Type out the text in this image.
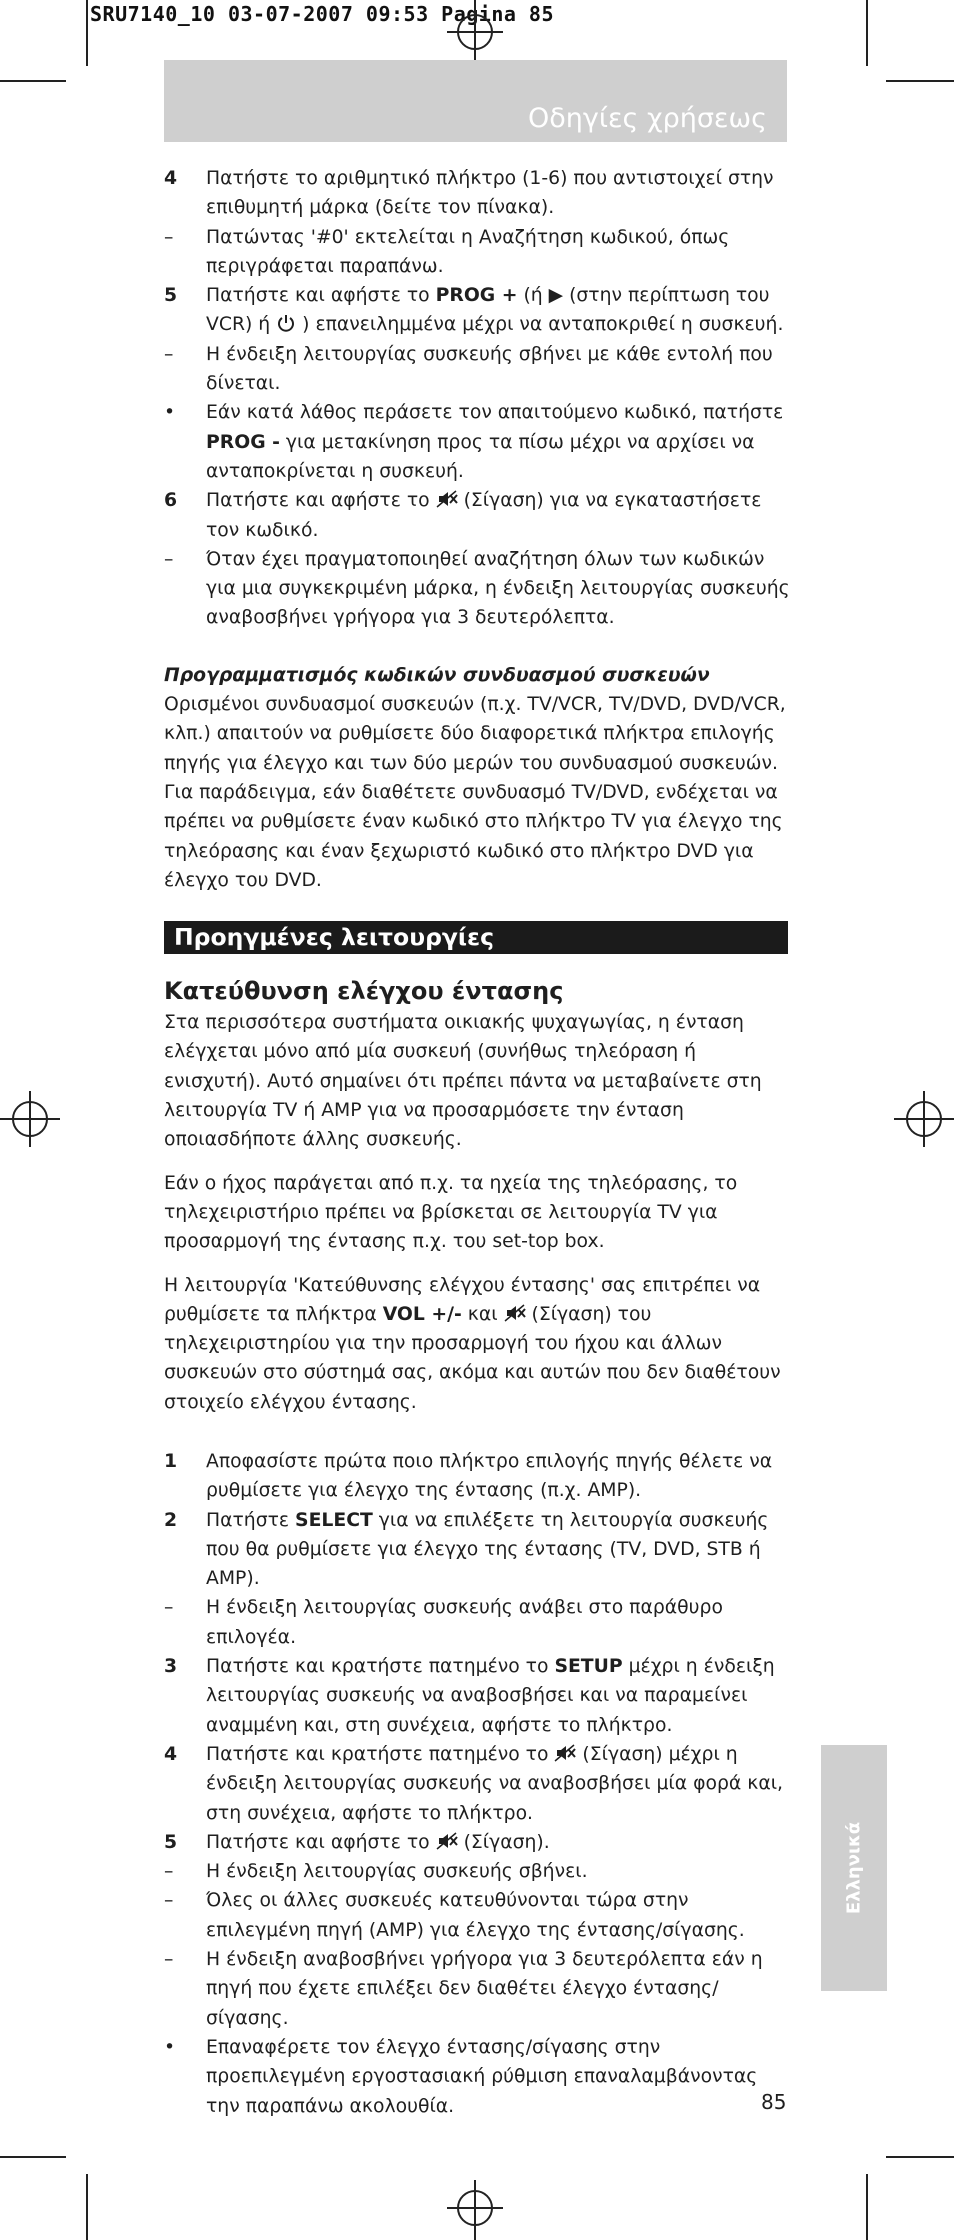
SRU7140_10 03-07-2007 09:53 Pagina 85
Οδηγίες χρήσεως
4	Πατήστε το αριθμητικό πλήκτρο (1-6) που αντιστοιχεί στην επιθυμητή μάρκα (δείτε τον πίνακα).
–	Πατώντας '#0' εκτελείται η Αναζήτηση κωδικού, όπως περιγράφεται παραπάνω.
5	Πατήστε και αφήστε το PROG + (ή ▶ (στην περίπτωση του VCR) ή  ) επανειλημμένα μέχρι να ανταποκριθεί η συσκευή.
–	Η ένδειξη λειτουργίας συσκευής σβήνει με κάθε εντολή που δίνεται.
•	Εάν κατά λάθος περάσετε τον απαιτούμενο κωδικό, πατήστε PROG - για μετακίνηση προς τα πίσω μέχρι να αρχίσει να ανταποκρίνεται η συσκευή.
6	Πατήστε και αφήστε το  (Σίγαση) για να εγκαταστήσετε τον κωδικό.
–	Όταν έχει πραγματοποιηθεί αναζήτηση όλων των κωδικών για μια συγκεκριμένη μάρκα, η ένδειξη λειτουργίας συσκευής αναβοσβήνει γρήγορα για 3 δευτερόλεπτα.
Προγραμματισμός κωδικών συνδυασμού συσκευών
Ορισμένοι συνδυασμοί συσκευών (π.χ. TV/VCR, TV/DVD, DVD/VCR, κλπ.) απαιτούν να ρυθμίσετε δύο διαφορετικά πλήκτρα επιλογής πηγής για έλεγχο και των δύο μερών του συνδυασμού συσκευών. Για παράδειγμα, εάν διαθέτετε συνδυασμό TV/DVD, ενδέχεται να πρέπει να ρυθμίσετε έναν κωδικό στο πλήκτρο TV για έλεγχο της τηλεόρασης και έναν ξεχωριστό κωδικό στο πλήκτρο DVD για έλεγχο του DVD.
Προηγμένες λειτουργίες
Κατεύθυνση ελέγχου έντασης
Στα περισσότερα συστήματα οικιακής ψυχαγωγίας, η ένταση ελέγχεται μόνο από μία συσκευή (συνήθως τηλεόραση ή ενισχυτή). Αυτό σημαίνει ότι πρέπει πάντα να μεταβαίνετε στη λειτουργία TV ή AMP για να προσαρμόσετε την ένταση οποιασδήποτε άλλης συσκευής.
Εάν ο ήχος παράγεται από π.χ. τα ηχεία της τηλεόρασης, το τηλεχειριστήριο πρέπει να βρίσκεται σε λειτουργία TV για προσαρμογή της έντασης π.χ. του set-top box.
Η λειτουργία 'Κατεύθυνσης ελέγχου έντασης' σας επιτρέπει να ρυθμίσετε τα πλήκτρα VOL +/- και  (Σίγαση) του τηλεχειριστηρίου για την προσαρμογή του ήχου και άλλων συσκευών στο σύστημά σας, ακόμα και αυτών που δεν διαθέτουν στοιχείο ελέγχου έντασης.
1	Αποφασίστε πρώτα ποιο πλήκτρο επιλογής πηγής θέλετε να ρυθμίσετε για έλεγχο της έντασης (π.χ. AMP).
2	Πατήστε SELECT για να επιλέξετε τη λειτουργία συσκευής που θα ρυθμίσετε για έλεγχο της έντασης (TV, DVD, STB ή AMP).
–	Η ένδειξη λειτουργίας συσκευής ανάβει στο παράθυρο επιλογέα.
3	Πατήστε και κρατήστε πατημένο το SETUP μέχρι η ένδειξη λειτουργίας συσκευής να αναβοσβήσει και να παραμείνει αναμμένη και, στη συνέχεια, αφήστε το πλήκτρο.
4	Πατήστε και κρατήστε πατημένο το  (Σίγαση) μέχρι η ένδειξη λειτουργίας συσκευής να αναβοσβήσει μία φορά και, στη συνέχεια, αφήστε το πλήκτρο.
5	Πατήστε και αφήστε το  (Σίγαση).
–	Η ένδειξη λειτουργίας συσκευής σβήνει.
–	Όλες οι άλλες συσκευές κατευθύνονται τώρα στην επιλεγμένη πηγή (AMP) για έλεγχο της έντασης/σίγασης.
–	Η ένδειξη αναβοσβήνει γρήγορα για 3 δευτερόλεπτα εάν η πηγή που έχετε επιλέξει δεν διαθέτει έλεγχο έντασης/σίγασης.
•	Επαναφέρετε τον έλεγχο έντασης/σίγασης στην προεπιλεγμένη εργοστασιακή ρύθμιση επαναλαμβάνοντας την παραπάνω ακολουθία.
Ελληνικά
85
